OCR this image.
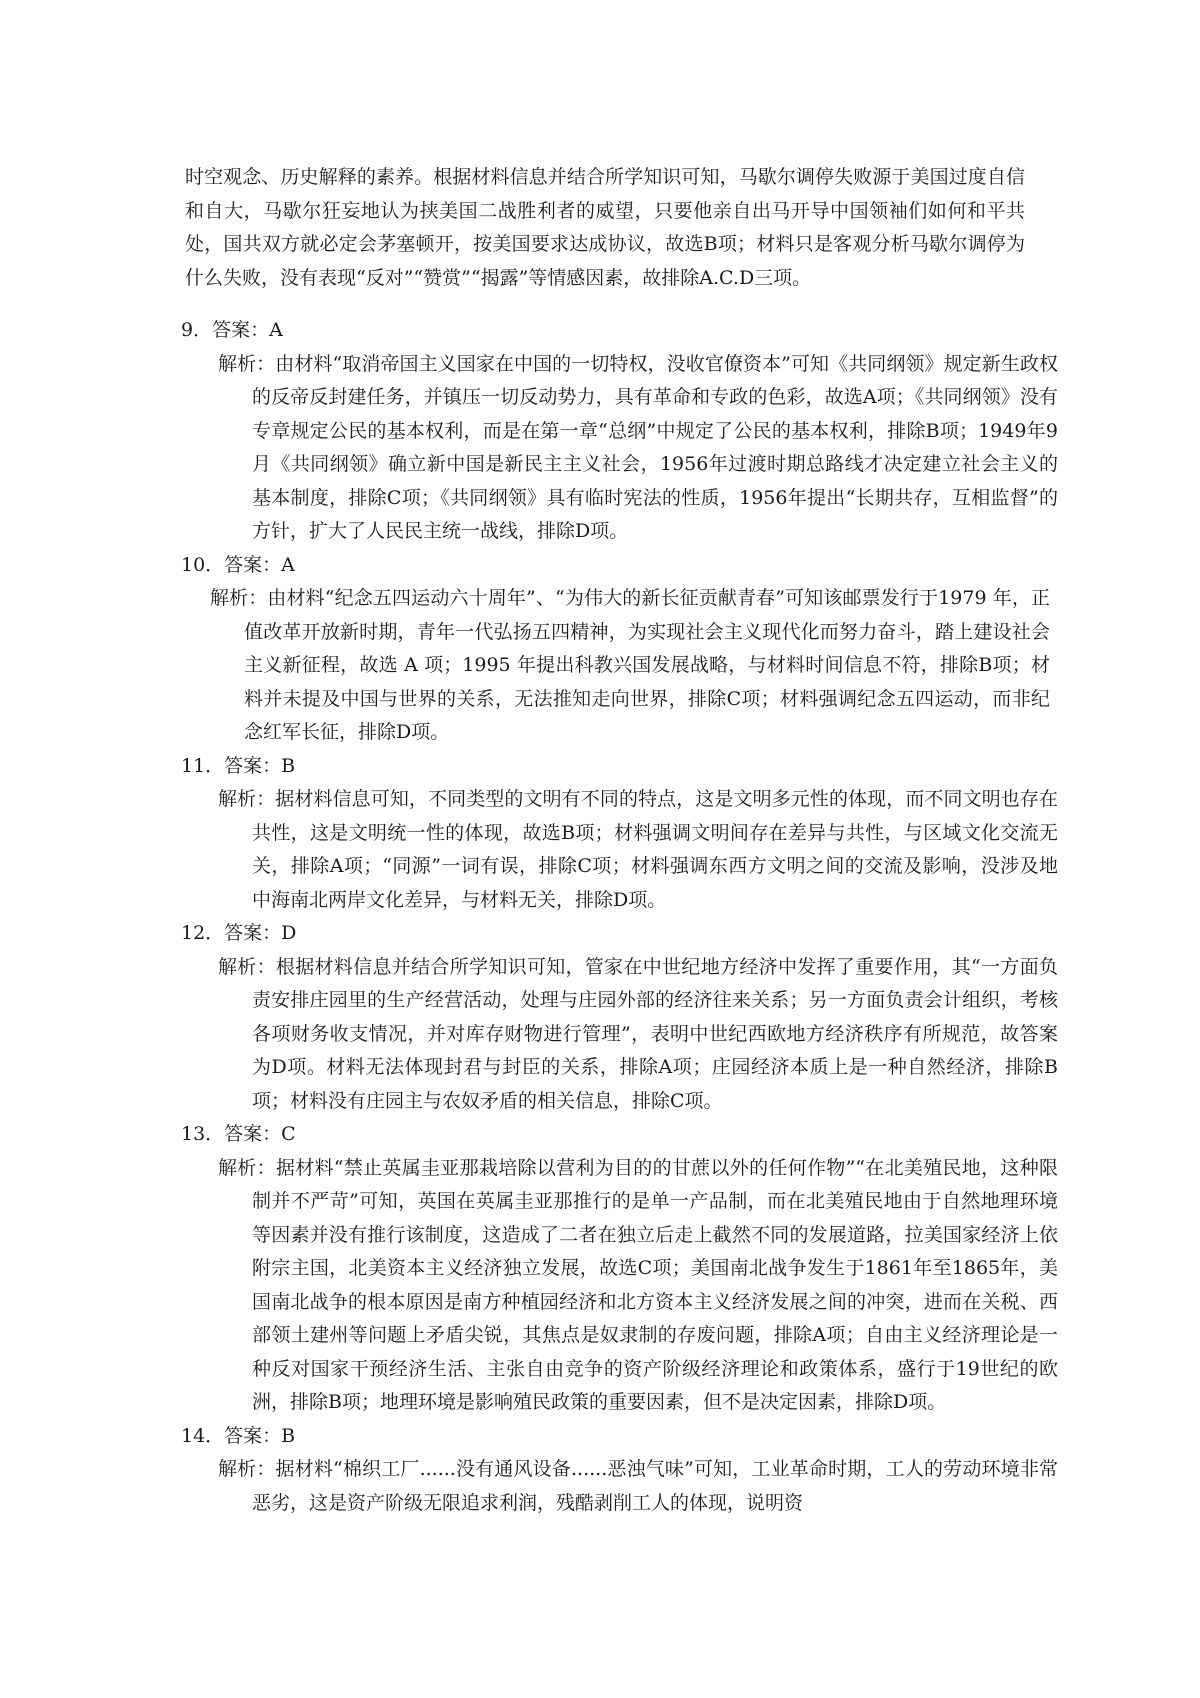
时空观念、历史解释的素养。根据材料信息并结合所学知识可知，马歇尔调停失败源于美国过度自信和自大，马歇尔狂妄地认为挟美国二战胜利者的威望，只要他亲自出马开导中国领袖们如何和平共处，国共双方就必定会茅塞顿开，按美国要求达成协议，故选B项；材料只是客观分析马歇尔调停为什么失败，没有表现“反对”“赞赏”“揭露”等情感因素，故排除A.C.D三项。

9．答案：A
解析：由材料“取消帝国主义国家在中国的一切特权，没收官僚资本”可知《共同纲领》规定新生政权的反帝反封建任务，并镇压一切反动势力，具有革命和专政的色彩，故选A项；《共同纲领》没有专章规定公民的基本权利，而是在第一章“总纲”中规定了公民的基本权利，排除B项；1949年9月《共同纲领》确立新中国是新民主主义社会，1956年过渡时期总路线才决定建立社会主义的基本制度，排除C项；《共同纲领》具有临时宪法的性质，1956年提出“长期共存，互相监督”的方针，扩大了人民民主统一战线，排除D项。
10．答案：A
解析：由材料“纪念五四运动六十周年”、“为伟大的新长征贡献青春”可知该邮票发行于1979 年，正值改革开放新时期，青年一代弘扬五四精神，为实现社会主义现代化而努力奋斗，踏上建设社会主义新征程，故选 A 项；1995 年提出科教兴国发展战略，与材料时间信息不符，排除B项；材料并未提及中国与世界的关系，无法推知走向世界，排除C项；材料强调纪念五四运动，而非纪念红军长征，排除D项。
11．答案：B
解析：据材料信息可知，不同类型的文明有不同的特点，这是文明多元性的体现，而不同文明也存在共性，这是文明统一性的体现，故选B项；材料强调文明间存在差异与共性，与区域文化交流无关，排除A项；“同源”一词有误，排除C项；材料强调东西方文明之间的交流及影响，没涉及地中海南北两岸文化差异，与材料无关，排除D项。
12．答案：D
解析：根据材料信息并结合所学知识可知，管家在中世纪地方经济中发挥了重要作用，其“一方面负责安排庄园里的生产经营活动，处理与庄园外部的经济往来关系；另一方面负责会计组织，考核各项财务收支情况，并对库存财物进行管理”，表明中世纪西欧地方经济秩序有所规范，故答案为D项。材料无法体现封君与封臣的关系，排除A项；庄园经济本质上是一种自然经济，排除B项；材料没有庄园主与农奴矛盾的相关信息，排除C项。
13．答案：C
解析：据材料“禁止英属圭亚那栽培除以营利为目的的甘蔗以外的任何作物”“在北美殖民地，这种限制并不严苛”可知，英国在英属圭亚那推行的是单一产品制，而在北美殖民地由于自然地理环境等因素并没有推行该制度，这造成了二者在独立后走上截然不同的发展道路，拉美国家经济上依附宗主国，北美资本主义经济独立发展，故选C项；美国南北战争发生于1861年至1865年，美国南北战争的根本原因是南方种植园经济和北方资本主义经济发展之间的冲突，进而在关税、西部领土建州等问题上矛盾尖锐，其焦点是奴隶制的存废问题，排除A项；自由主义经济理论是一种反对国家干预经济生活、主张自由竞争的资产阶级经济理论和政策体系，盛行于19世纪的欧洲，排除B项；地理环境是影响殖民政策的重要因素，但不是决定因素，排除D项。
14．答案：B
解析：据材料“棉织工厂......没有通风设备......恶浊气味”可知，工业革命时期，工人的劳动环境非常恶劣，这是资产阶级无限追求利润，残酷剥削工人的体现，说明资
